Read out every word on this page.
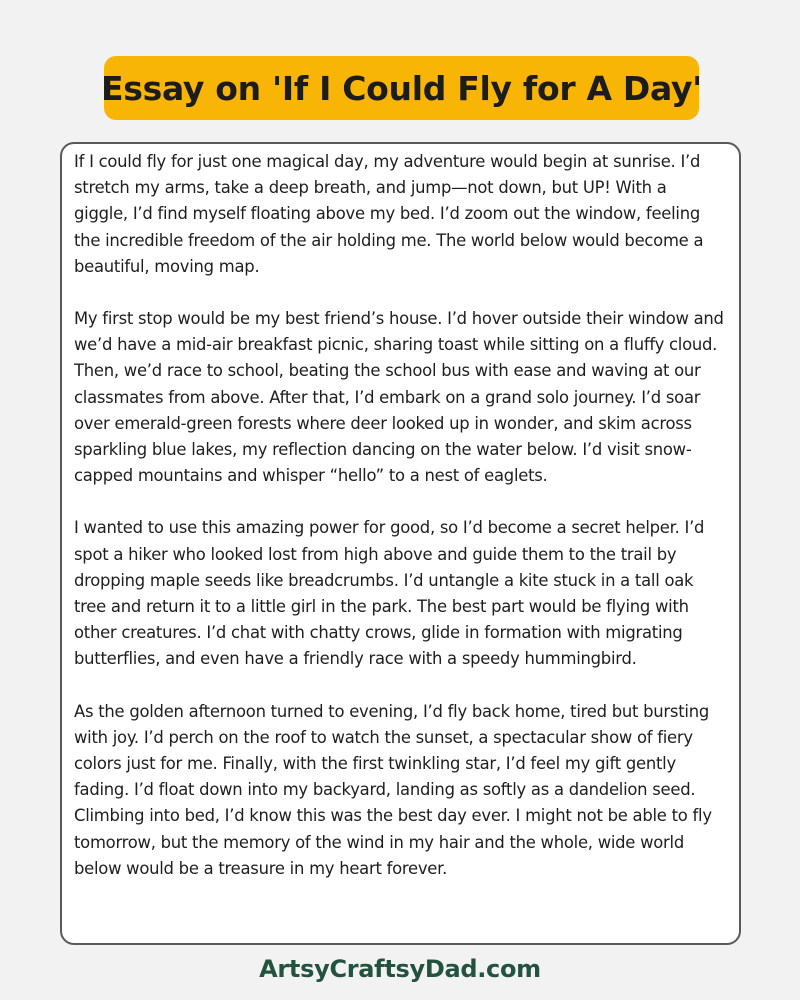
Essay on 'If I Could Fly for A Day'

If I could fly for just one magical day, my adventure would begin at sunrise. I’d stretch my arms, take a deep breath, and jump—not down, but UP! With a giggle, I’d find myself floating above my bed. I’d zoom out the window, feeling the incredible freedom of the air holding me. The world below would become a beautiful, moving map.

My first stop would be my best friend’s house. I’d hover outside their window and we’d have a mid-air breakfast picnic, sharing toast while sitting on a fluffy cloud. Then, we’d race to school, beating the school bus with ease and waving at our classmates from above. After that, I’d embark on a grand solo journey. I’d soar over emerald-green forests where deer looked up in wonder, and skim across sparkling blue lakes, my reflection dancing on the water below. I’d visit snow-capped mountains and whisper “hello” to a nest of eaglets.

I wanted to use this amazing power for good, so I’d become a secret helper. I’d spot a hiker who looked lost from high above and guide them to the trail by dropping maple seeds like breadcrumbs. I’d untangle a kite stuck in a tall oak tree and return it to a little girl in the park. The best part would be flying with other creatures. I’d chat with chatty crows, glide in formation with migrating butterflies, and even have a friendly race with a speedy hummingbird.

As the golden afternoon turned to evening, I’d fly back home, tired but bursting with joy. I’d perch on the roof to watch the sunset, a spectacular show of fiery colors just for me. Finally, with the first twinkling star, I’d feel my gift gently fading. I’d float down into my backyard, landing as softly as a dandelion seed. Climbing into bed, I’d know this was the best day ever. I might not be able to fly tomorrow, but the memory of the wind in my hair and the whole, wide world below would be a treasure in my heart forever.

ArtsyCraftsyDad.com
